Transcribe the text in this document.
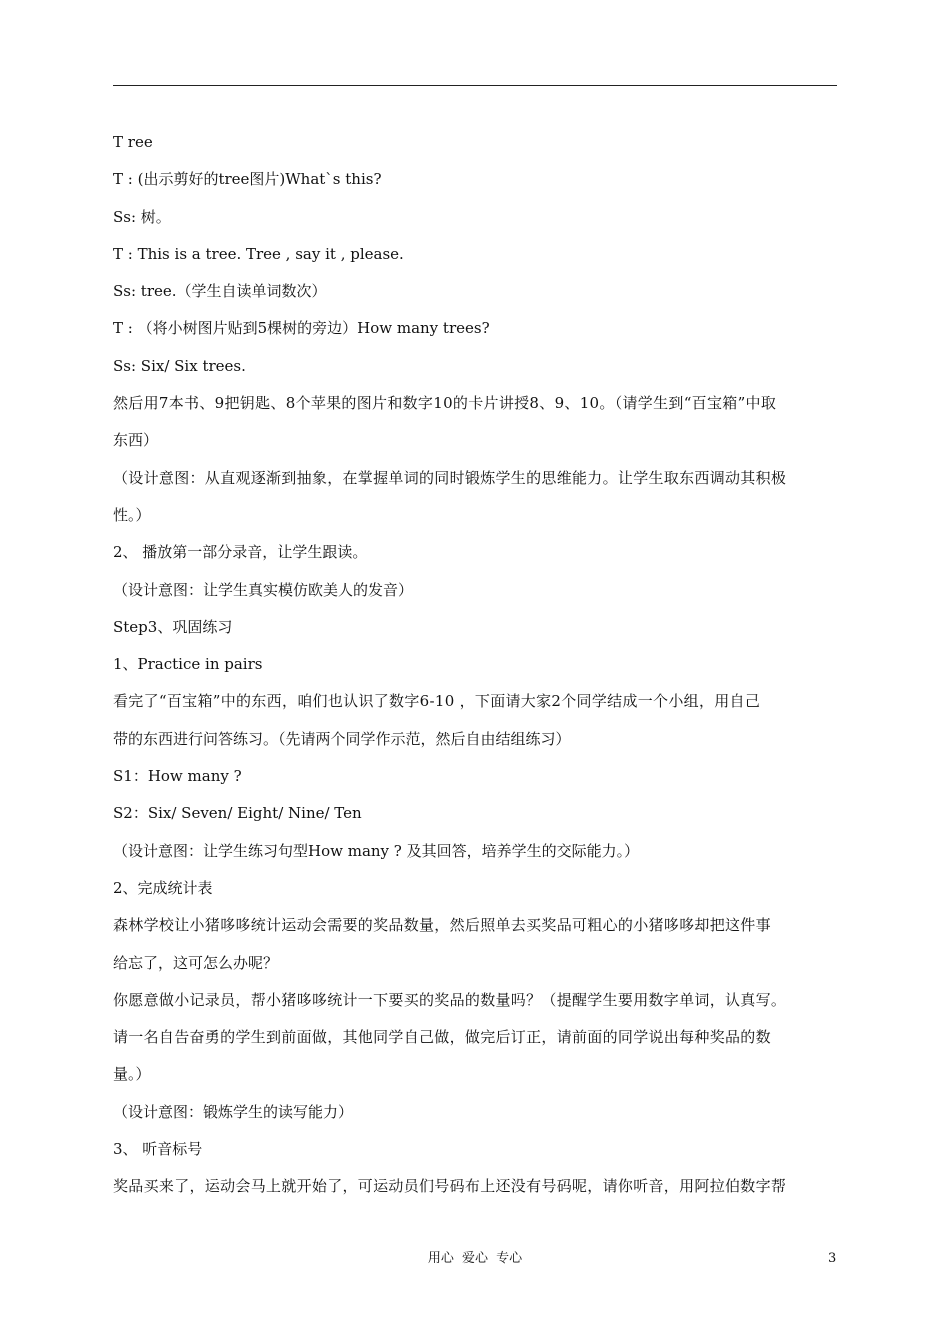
T ree
T : (出示剪好的tree图片)What`s this?
Ss: 树。
T : This is a tree. Tree , say it , please.
Ss: tree.（学生自读单词数次）
T : （将小树图片贴到5棵树的旁边）How many trees?
Ss: Six/ Six trees.
然后用7本书、9把钥匙、8个苹果的图片和数字10的卡片讲授8、9、10。（请学生到“百宝箱”中取
东西）
（设计意图：从直观逐渐到抽象，在掌握单词的同时锻炼学生的思维能力。让学生取东西调动其积极
性。）
2、 播放第一部分录音，让学生跟读。
（设计意图：让学生真实模仿欧美人的发音）
Step3、巩固练习
1、Practice in pairs
看完了“百宝箱”中的东西，咱们也认识了数字6-10 ，下面请大家2个同学结成一个小组，用自己
带的东西进行问答练习。（先请两个同学作示范，然后自由结组练习）
S1：How many ?
S2：Six/ Seven/ Eight/ Nine/ Ten
（设计意图：让学生练习句型How many ? 及其回答，培养学生的交际能力。）
2、完成统计表
森林学校让小猪哆哆统计运动会需要的奖品数量，然后照单去买奖品可粗心的小猪哆哆却把这件事
给忘了，这可怎么办呢？
你愿意做小记录员，帮小猪哆哆统计一下要买的奖品的数量吗？（提醒学生要用数字单词，认真写。
请一名自告奋勇的学生到前面做，其他同学自己做，做完后订正，请前面的同学说出每种奖品的数
量。）
（设计意图：锻炼学生的读写能力）
3、 听音标号
奖品买来了，运动会马上就开始了，可运动员们号码布上还没有号码呢，请你听音，用阿拉伯数字帮
用心 爱心 专心	3
